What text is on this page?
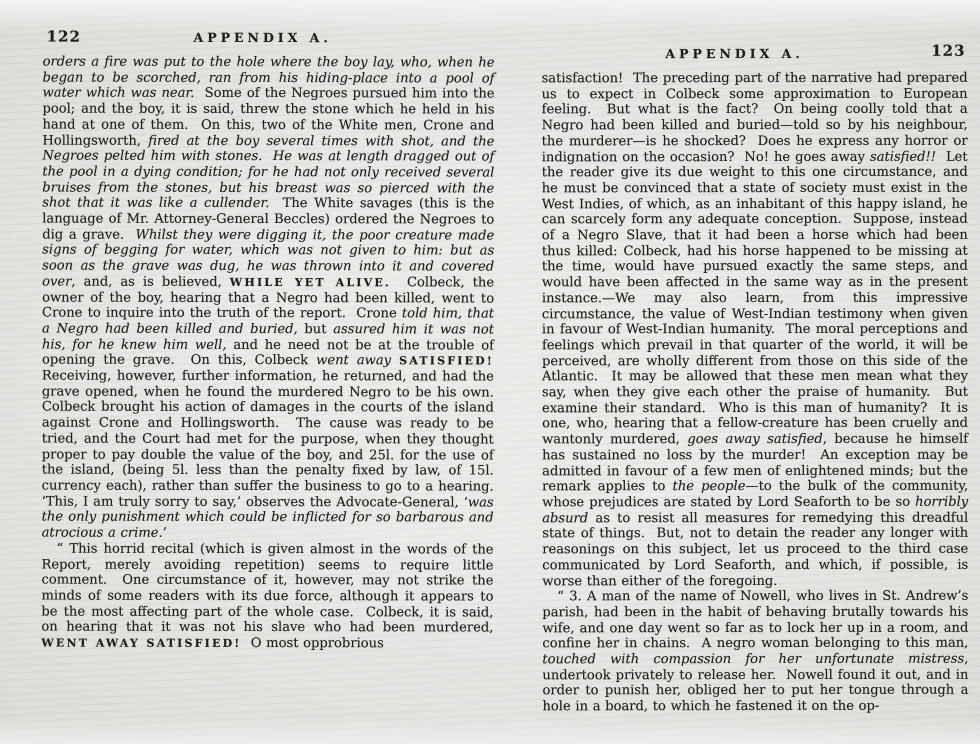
122	APPENDIX A.

orders a fire was put to the hole where the boy lay, who, when he began to be scorched, ran from his hiding-place into a pool of water which was near.  Some of the Negroes pursued him into the pool; and the boy, it is said, threw the stone which he held in his hand at one of them.  On this, two of the White men, Crone and Hollingsworth, fired at the boy several times with shot, and the Negroes pelted him with stones.  He was at length dragged out of the pool in a dying condition; for he had not only received several bruises from the stones, but his breast was so pierced with the shot that it was like a cullender.  The White savages (this is the language of Mr. Attorney-General Beccles) ordered the Negroes to dig a grave.  Whilst they were digging it, the poor creature made signs of begging for water, which was not given to him: but as soon as the grave was dug, he was thrown into it and covered over, and, as is believed, WHILE YET ALIVE.  Colbeck, the owner of the boy, hearing that a Negro had been killed, went to Crone to inquire into the truth of the report.  Crone told him, that a Negro had been killed and buried, but assured him it was not his, for he knew him well, and he need not be at the trouble of opening the grave.  On this, Colbeck went away SATISFIED!  Receiving, however, further information, he returned, and had the grave opened, when he found the murdered Negro to be his own.  Colbeck brought his action of damages in the courts of the island against Crone and Hollingsworth.  The cause was ready to be tried, and the Court had met for the purpose, when they thought proper to pay double the value of the boy, and 25l. for the use of the island, (being 5l. less than the penalty fixed by law, of 15l. currency each), rather than suffer the business to go to a hearing.  ‘This, I am truly sorry to say,’ observes the Advocate-General, ‘was the only punishment which could be inflicted for so barbarous and atrocious a crime.’

“ This horrid recital (which is given almost in the words of the Report, merely avoiding repetition) seems to require little comment.  One circumstance of it, however, may not strike the minds of some readers with its due force, although it appears to be the most affecting part of the whole case.  Colbeck, it is said, on hearing that it was not his slave who had been murdered, WENT AWAY SATISFIED!  O most opprobrious

APPENDIX A.	123

satisfaction!  The preceding part of the narrative had prepared us to expect in Colbeck some approximation to European feeling.  But what is the fact?  On being coolly told that a Negro had been killed and buried—told so by his neighbour, the murderer—is he shocked?  Does he express any horror or indignation on the occasion?  No! he goes away satisfied!!  Let the reader give its due weight to this one circumstance, and he must be convinced that a state of society must exist in the West Indies, of which, as an inhabitant of this happy island, he can scarcely form any adequate conception.  Suppose, instead of a Negro Slave, that it had been a horse which had been thus killed: Colbeck, had his horse happened to be missing at the time, would have pursued exactly the same steps, and would have been affected in the same way as in the present instance.—We may also learn, from this impressive circumstance, the value of West-Indian testimony when given in favour of West-Indian humanity.  The moral perceptions and feelings which prevail in that quarter of the world, it will be perceived, are wholly different from those on this side of the Atlantic.  It may be allowed that these men mean what they say, when they give each other the praise of humanity.  But examine their standard.  Who is this man of humanity?  It is one, who, hearing that a fellow-creature has been cruelly and wantonly murdered, goes away satisfied, because he himself has sustained no loss by the murder!  An exception may be admitted in favour of a few men of enlightened minds; but the remark applies to the people—to the bulk of the community, whose prejudices are stated by Lord Seaforth to be so horribly absurd as to resist all measures for remedying this dreadful state of things.  But, not to detain the reader any longer with reasonings on this subject, let us proceed to the third case communicated by Lord Seaforth, and which, if possible, is worse than either of the foregoing.

“ 3. A man of the name of Nowell, who lives in St. Andrew’s parish, had been in the habit of behaving brutally towards his wife, and one day went so far as to lock her up in a room, and confine her in chains.  A negro woman belonging to this man, touched with compassion for her unfortunate mistress, undertook privately to release her.  Nowell found it out, and in order to punish her, obliged her to put her tongue through a hole in a board, to which he fastened it on the op-
